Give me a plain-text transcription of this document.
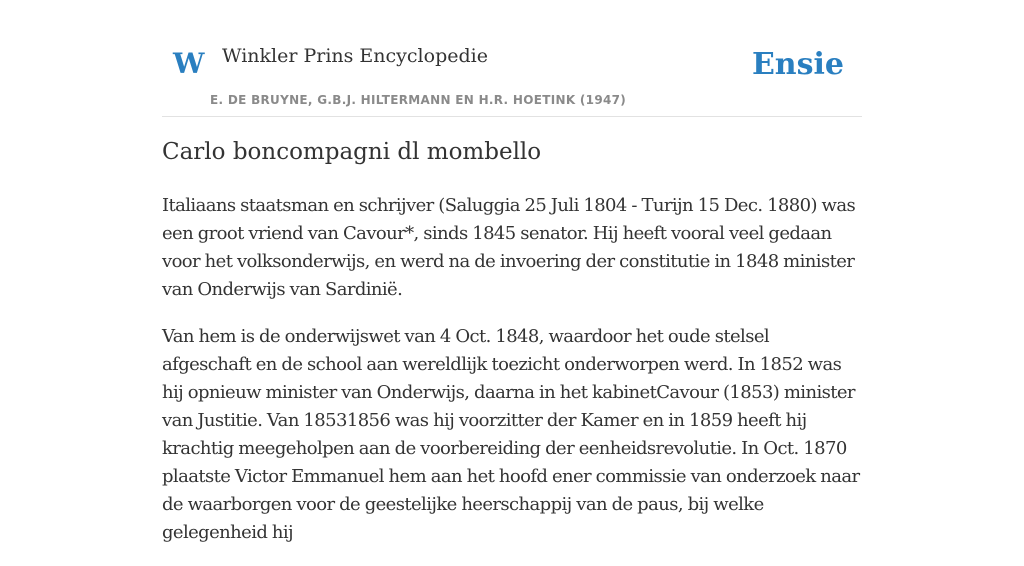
W Winkler Prins Encyclopedie
E. DE BRUYNE, G.B.J. HILTERMANN EN H.R. HOETINK (1947)
Ensie
Carlo boncompagni dl mombello

Italiaans staatsman en schrijver (Saluggia 25 Juli 1804 - Turijn 15 Dec. 1880) was een groot vriend van Cavour*, sinds 1845 senator. Hij heeft vooral veel gedaan voor het volksonderwijs, en werd na de invoering der constitutie in 1848 minister van Onderwijs van Sardinië.

Van hem is de onderwijswet van 4 Oct. 1848, waardoor het oude stelsel afgeschaft en de school aan wereldlijk toezicht onderworpen werd. In 1852 was hij opnieuw minister van Onderwijs, daarna in het kabinetCavour (1853) minister van Justitie. Van 18531856 was hij voorzitter der Kamer en in 1859 heeft hij krachtig meegeholpen aan de voorbereiding der eenheidsrevolutie. In Oct. 1870 plaatste Victor Emmanuel hem aan het hoofd ener commissie van onderzoek naar de waarborgen voor de geestelijke heerschappij van de paus, bij welke gelegenheid hij
